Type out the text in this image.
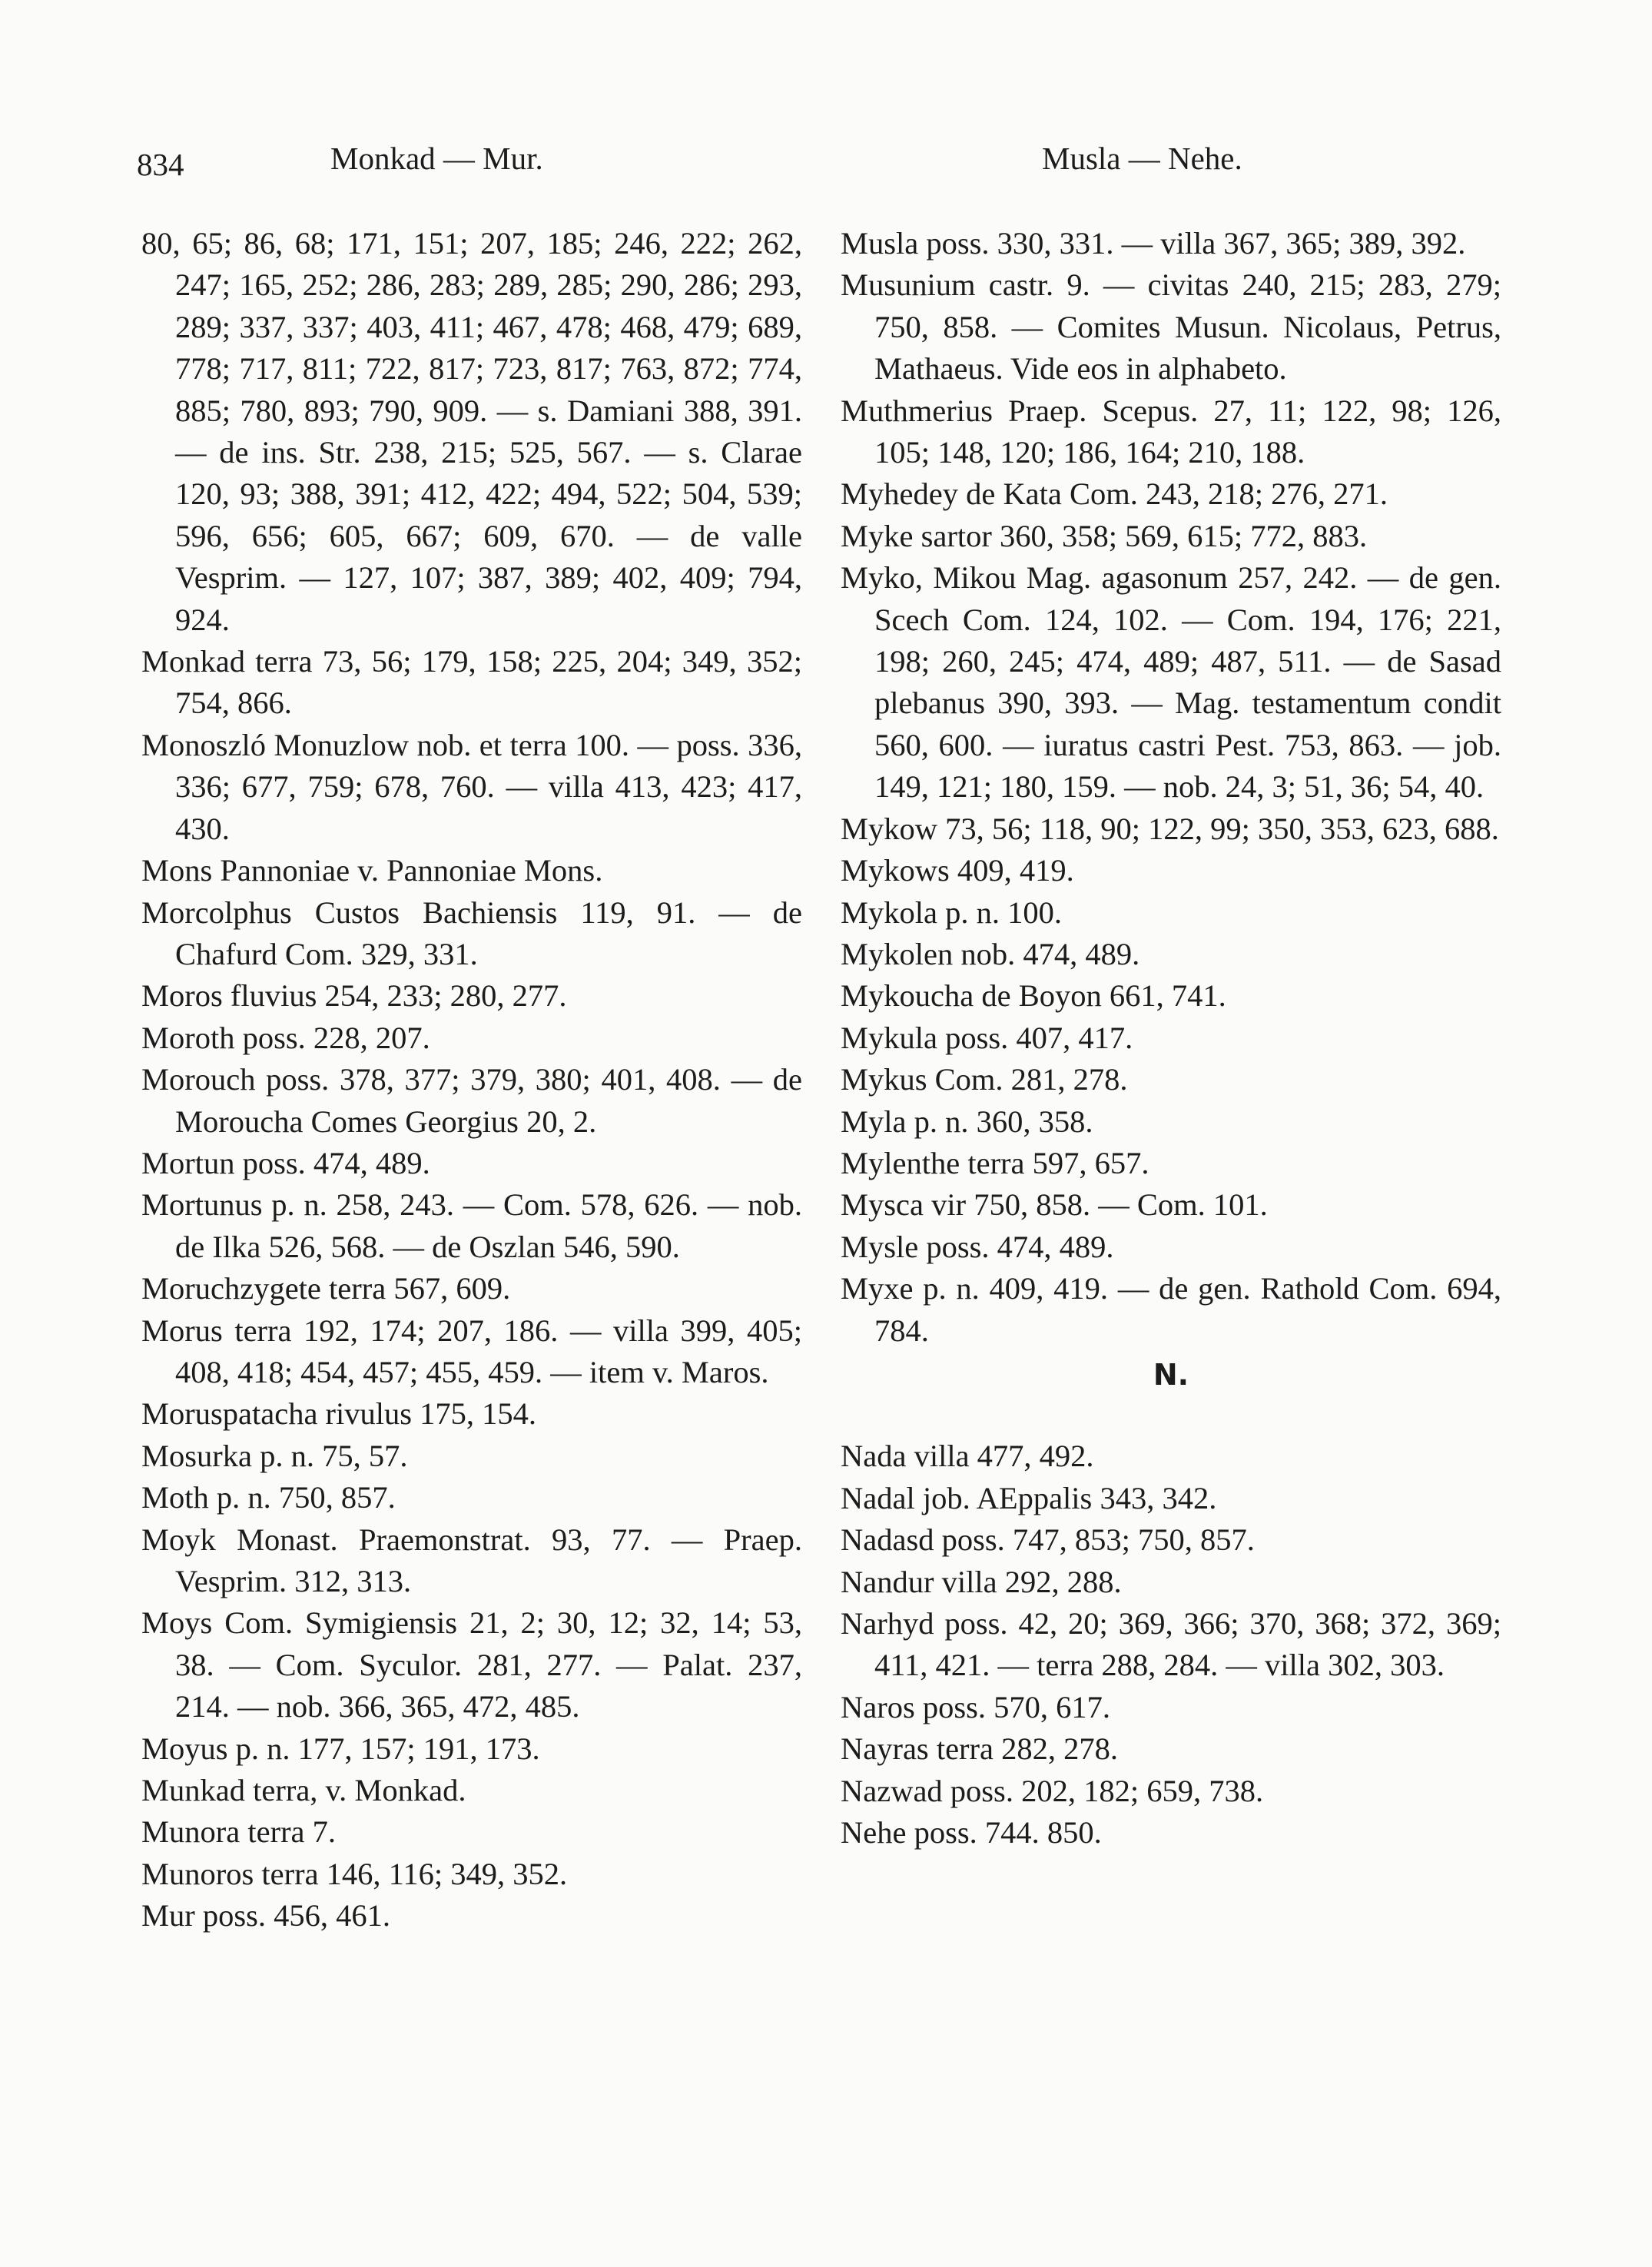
834	Monkad — Mur.	Musla — Nehe.

80, 65; 86, 68; 171, 151; 207, 185; 246, 222; 262, 247; 165, 252; 286, 283; 289, 285; 290, 286; 293, 289; 337, 337; 403, 411; 467, 478; 468, 479; 689, 778; 717, 811; 722, 817; 723, 817; 763, 872; 774, 885; 780, 893; 790, 909. — s. Damiani 388, 391. — de ins. Str. 238, 215; 525, 567. — s. Clarae 120, 93; 388, 391; 412, 422; 494, 522; 504, 539; 596, 656; 605, 667; 609, 670. — de valle Vesprim. — 127, 107; 387, 389; 402, 409; 794, 924.

Monkad terra 73, 56; 179, 158; 225, 204; 349, 352; 754, 866.

Monoszló Monuzlow nob. et terra 100. — poss. 336, 336; 677, 759; 678, 760. — villa 413, 423; 417, 430.

Mons Pannoniae v. Pannoniae Mons.

Morcolphus Custos Bachiensis 119, 91. — de Chafurd Com. 329, 331.

Moros fluvius 254, 233; 280, 277.

Moroth poss. 228, 207.

Morouch poss. 378, 377; 379, 380; 401, 408. — de Moroucha Comes Georgius 20, 2.

Mortun poss. 474, 489.

Mortunus p. n. 258, 243. — Com. 578, 626. — nob. de Ilka 526, 568. — de Oszlan 546, 590.

Moruchzygete terra 567, 609.

Morus terra 192, 174; 207, 186. — villa 399, 405; 408, 418; 454, 457; 455, 459. — item v. Maros.

Moruspatacha rivulus 175, 154.

Mosurka p. n. 75, 57.

Moth p. n. 750, 857.

Moyk Monast. Praemonstrat. 93, 77. — Praep. Vesprim. 312, 313.

Moys Com. Symigiensis 21, 2; 30, 12; 32, 14; 53, 38. — Com. Syculor. 281, 277. — Palat. 237, 214. — nob. 366, 365, 472, 485.

Moyus p. n. 177, 157; 191, 173.

Munkad terra, v. Monkad.

Munora terra 7.

Munoros terra 146, 116; 349, 352.

Mur poss. 456, 461.

Musla poss. 330, 331. — villa 367, 365; 389, 392.

Musunium castr. 9. — civitas 240, 215; 283, 279; 750, 858. — Comites Musun. Nicolaus, Petrus, Mathaeus. Vide eos in alphabeto.

Muthmerius Praep. Scepus. 27, 11; 122, 98; 126, 105; 148, 120; 186, 164; 210, 188.

Myhedey de Kata Com. 243, 218; 276, 271.

Myke sartor 360, 358; 569, 615; 772, 883.

Myko, Mikou Mag. agasonum 257, 242. — de gen. Scech Com. 124, 102. — Com. 194, 176; 221, 198; 260, 245; 474, 489; 487, 511. — de Sasad plebanus 390, 393. — Mag. testamentum condit 560, 600. — iuratus castri Pest. 753, 863. — job. 149, 121; 180, 159. — nob. 24, 3; 51, 36; 54, 40.

Mykow 73, 56; 118, 90; 122, 99; 350, 353, 623, 688.

Mykows 409, 419.

Mykola p. n. 100.

Mykolen nob. 474, 489.

Mykoucha de Boyon 661, 741.

Mykula poss. 407, 417.

Mykus Com. 281, 278.

Myla p. n. 360, 358.

Mylenthe terra 597, 657.

Mysca vir 750, 858. — Com. 101.

Mysle poss. 474, 489.

Myxe p. n. 409, 419. — de gen. Rathold Com. 694, 784.

N.

Nada villa 477, 492.

Nadal job. AEppalis 343, 342.

Nadasd poss. 747, 853; 750, 857.

Nandur villa 292, 288.

Narhyd poss. 42, 20; 369, 366; 370, 368; 372, 369; 411, 421. — terra 288, 284. — villa 302, 303.

Naros poss. 570, 617.

Nayras terra 282, 278.

Nazwad poss. 202, 182; 659, 738.

Nehe poss. 744. 850.
